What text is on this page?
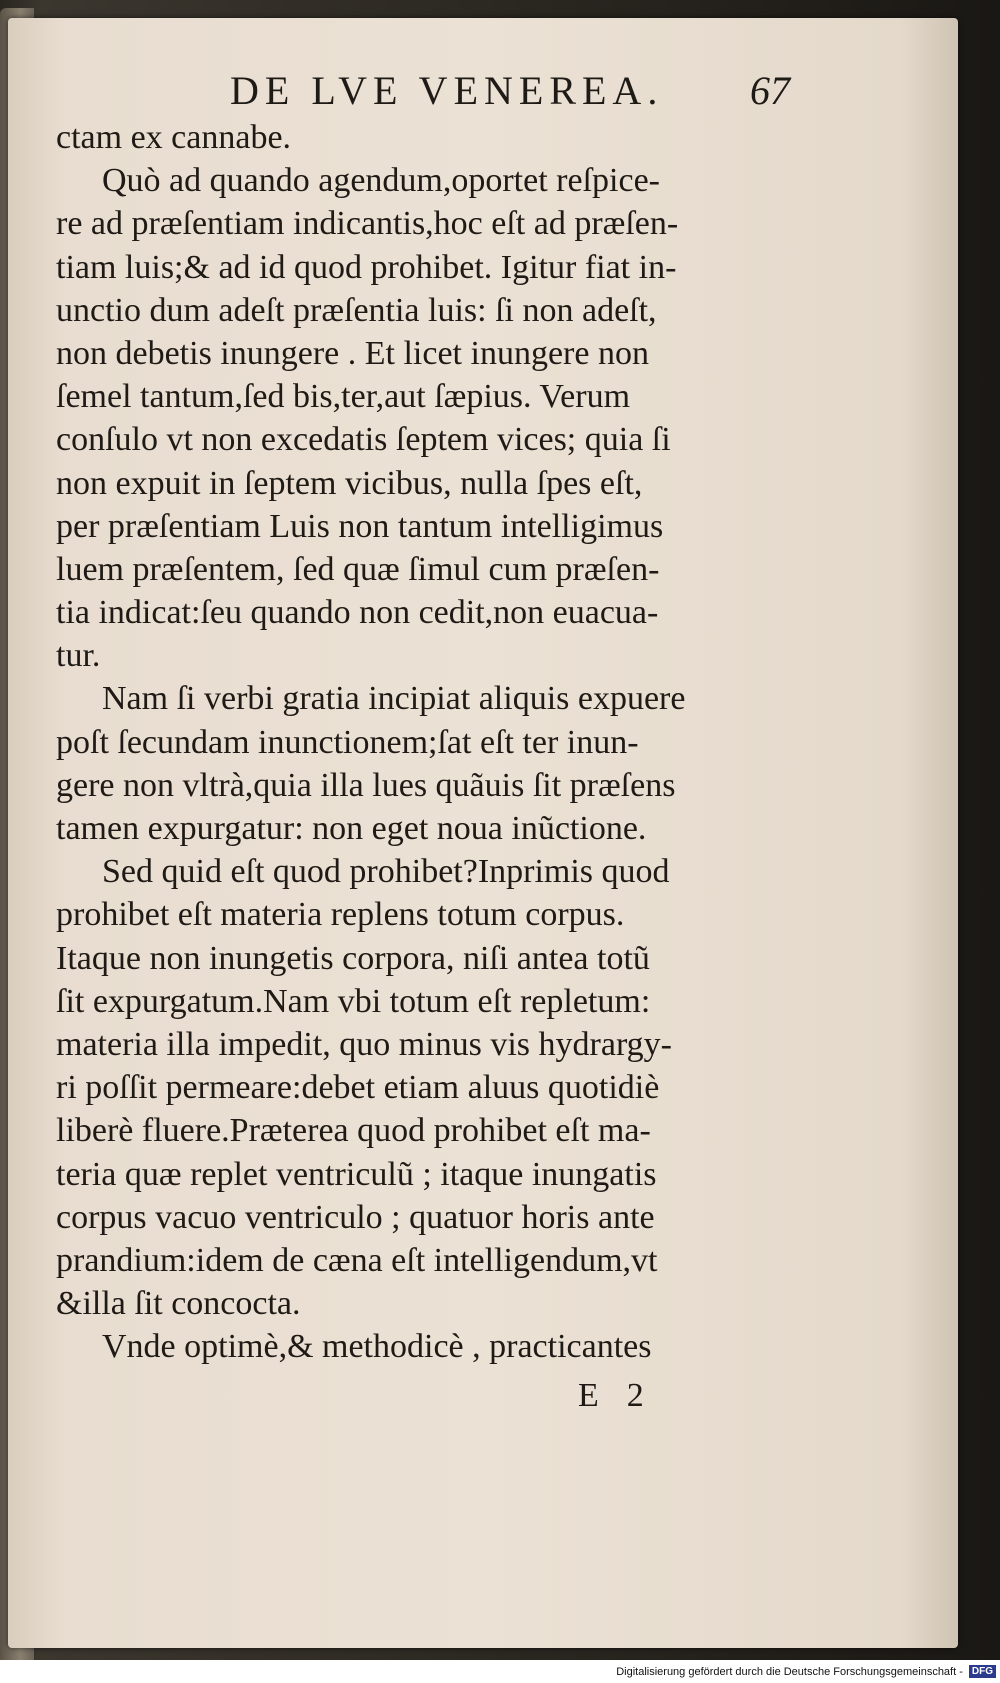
DE LVE VENEREA. 67
ctam ex cannabe.
Quò ad quando agendum,oportet reſpice-
re ad præſentiam indicantis,hoc eſt ad præſen-
tiam luis;& ad id quod prohibet. Igitur fiat in-
unctio dum adeſt præſentia luis: ſi non adeſt,
non debetis inungere . Et licet inungere non
ſemel tantum,ſed bis,ter,aut ſæpius. Verum
conſulo vt non excedatis ſeptem vices; quia ſi
non expuit in ſeptem vicibus, nulla ſpes eſt,
per præſentiam Luis non tantum intelligimus
luem præſentem, ſed quæ ſimul cum præſen-
tia indicat:ſeu quando non cedit,non euacua-
tur.
Nam ſi verbi gratia incipiat aliquis expuere
poſt ſecundam inunctionem;ſat eſt ter inun-
gere non vltrà,quia illa lues quãuis ſit præſens
tamen expurgatur: non eget noua inũctione.
Sed quid eſt quod prohibet?Inprimis quod
prohibet eſt materia replens totum corpus.
Itaque non inungetis corpora, niſi antea totũ
ſit expurgatum.Nam vbi totum eſt repletum:
materia illa impedit, quo minus vis hydrargy-
ri poſſit permeare:debet etiam aluus quotidiè
liberè fluere.Præterea quod prohibet eſt ma-
teria quæ replet ventriculũ ; itaque inungatis
corpus vacuo ventriculo ; quatuor horis ante
prandium:idem de cæna eſt intelligendum,vt
&illa ſit concocta.
Vnde optimè,& methodicè , practicantes
E 2
Digitalisierung gefördert durch die Deutsche Forschungsgemeinschaft - DFG
